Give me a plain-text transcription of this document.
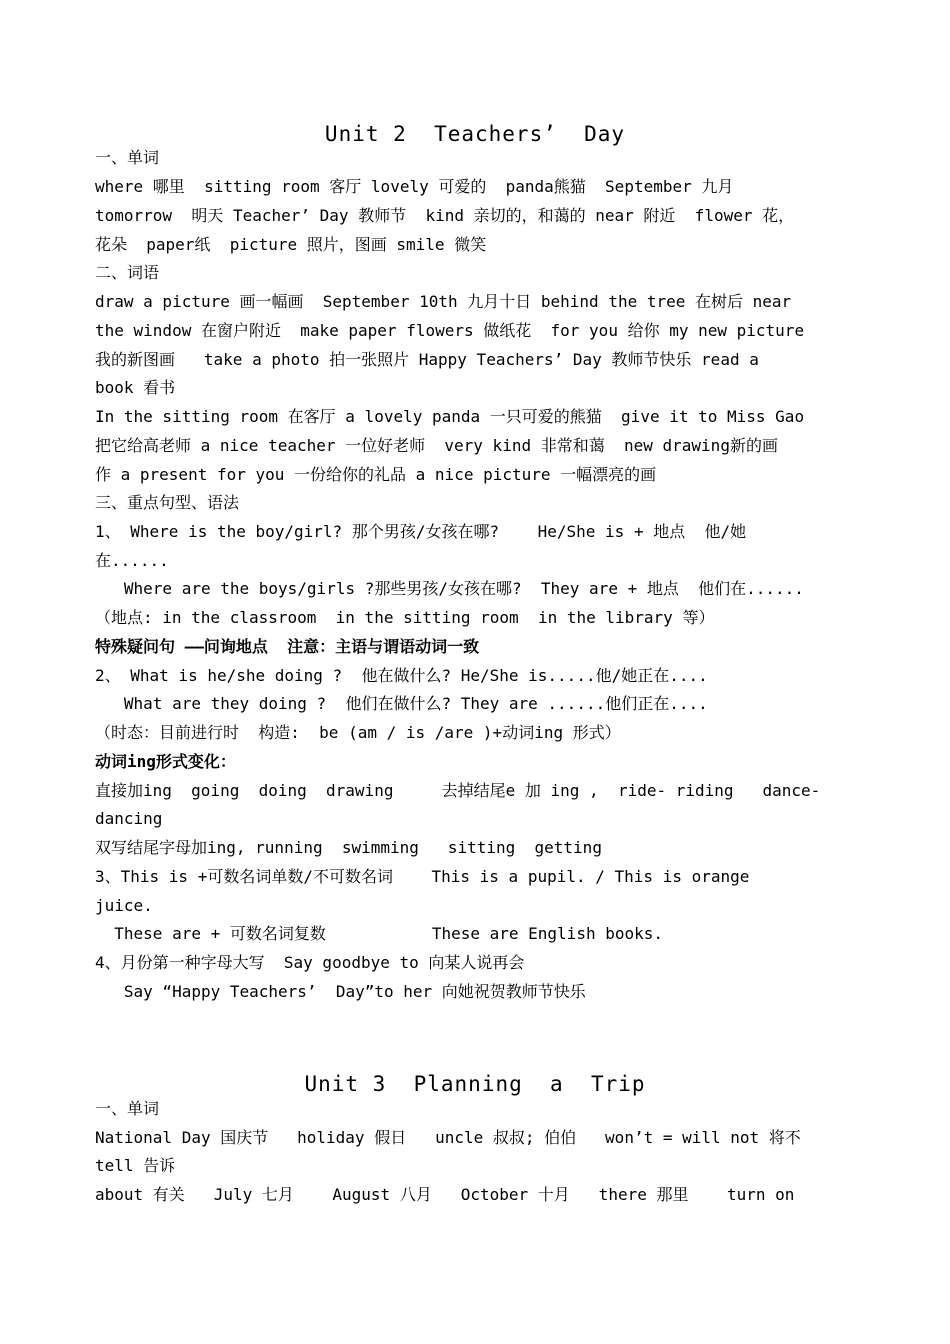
Unit 2  Teachers’  Day
一、单词
where 哪里  sitting room 客厅 lovely 可爱的  panda熊猫  September 九月
tomorrow  明天 Teacher’ Day 教师节  kind 亲切的，和蔼的 near 附近  flower 花，
花朵  paper纸  picture 照片，图画 smile 微笑
二、词语
draw a picture 画一幅画  September 10th 九月十日 behind the tree 在树后 near
the window 在窗户附近  make paper flowers 做纸花  for you 给你 my new picture
我的新图画   take a photo 拍一张照片 Happy Teachers’ Day 教师节快乐 read a
book 看书
In the sitting room 在客厅 a lovely panda 一只可爱的熊猫  give it to Miss Gao
把它给高老师 a nice teacher 一位好老师  very kind 非常和蔼  new drawing新的画
作 a present for you 一份给你的礼品 a nice picture 一幅漂亮的画
三、重点句型、语法
1、 Where is the boy/girl? 那个男孩/女孩在哪?    He/She is + 地点  他/她
在......
Where are the boys/girls ?那些男孩/女孩在哪?  They are + 地点  他们在......
（地点: in the classroom  in the sitting room  in the library 等）
特殊疑问句 ——问询地点  注意：主语与谓语动词一致
2、 What is he/she doing ?  他在做什么? He/She is.....他/她正在....
What are they doing ?  他们在做什么? They are ......他们正在....
（时态：目前进行时  构造:  be (am / is /are )+动词ing 形式）
动词ing形式变化：
直接加ing  going  doing  drawing     去掉结尾e 加 ing ,  ride- riding   dance-
dancing
双写结尾字母加ing, running  swimming   sitting  getting
3、This is +可数名词单数/不可数名词    This is a pupil. / This is orange
juice.
These are + 可数名词复数           These are English books.
4、月份第一种字母大写  Say goodbye to 向某人说再会
Say “Happy Teachers’  Day”to her 向她祝贺教师节快乐
Unit 3  Planning  a  Trip
一、单词
National Day 国庆节   holiday 假日   uncle 叔叔; 伯伯   won’t = will not 将不
tell 告诉
about 有关   July 七月    August 八月   October 十月   there 那里    turn on
